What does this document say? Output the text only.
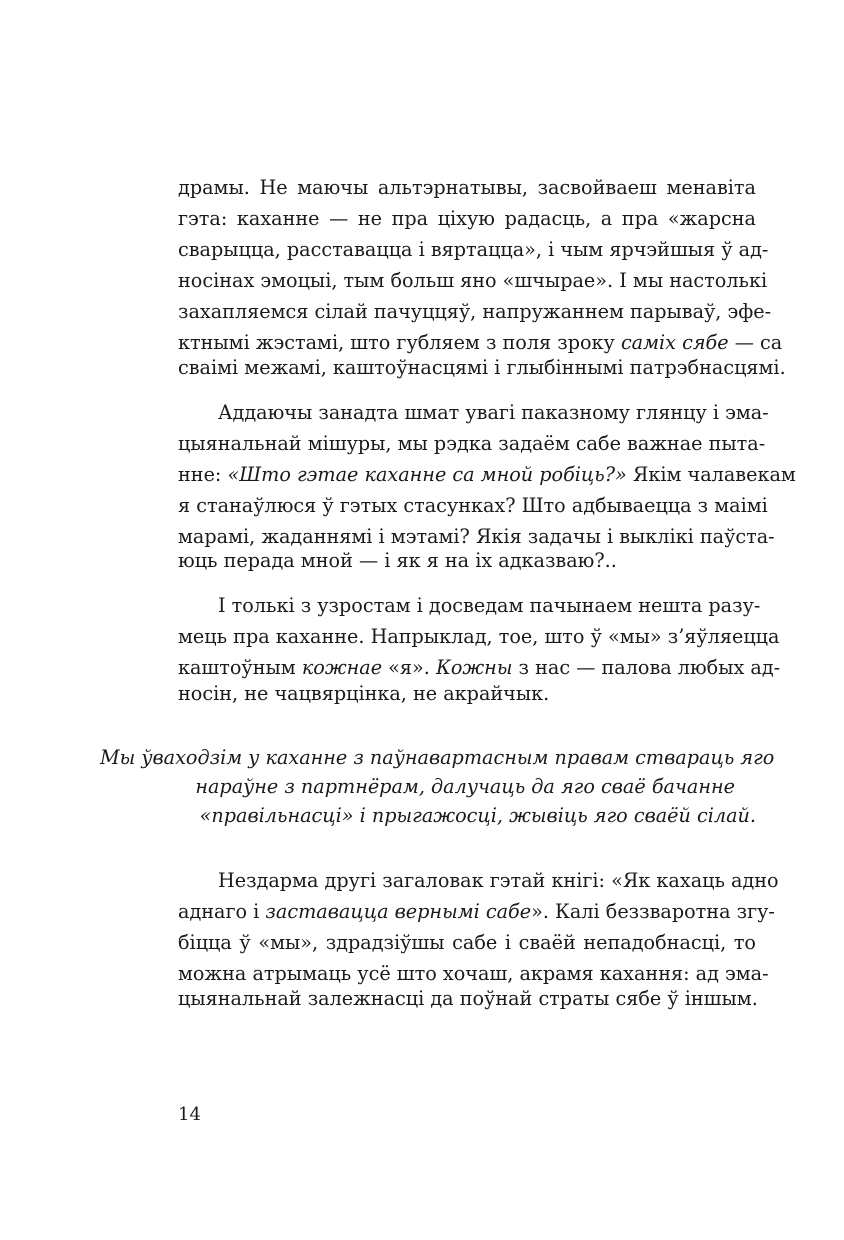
драмы. Не маючы альтэрнатывы, засвойваеш менавіта
гэта: каханне — не пра ціхую радасць, а пра «жарсна
сварыцца, расставацца і вяртацца», і чым ярчэйшыя ў ад-
носінах эмоцыі, тым больш яно «шчырае». І мы настолькі
захапляемся сілай пачуццяў, напружаннем парываў, эфе-
ктнымі жэстамі, што губляем з поля зроку саміх сябе — са
сваімі межамі, каштоўнасцямі і глыбіннымі патрэбнасцямі.
Аддаючы занадта шмат увагі паказному глянцу і эма-
цыянальнай мішуры, мы рэдка задаём сабе важнае пыта-
нне: «Што гэтае каханне са мной робіць?» Якім чалавекам
я станаўлюся ў гэтых стасунках? Што адбываецца з маімі
марамі, жаданнямі і мэтамі? Якія задачы і выклікі паўста-
юць перада мной — і як я на іх адказваю?..
І толькі з узростам і досведам пачынаем нешта разу-
мець пра каханне. Напрыклад, тое, што ў «мы» з’яўляецца
каштоўным кожнае «я». Кожны з нас — палова любых ад-
носін, не чацвярцінка, не акрайчык.
Мы ўваходзім у каханне з паўнавартасным правам ствараць яго
нараўне з партнёрам, далучаць да яго сваё бачанне
«правільнасці» і прыгажосці, жывіць яго сваёй сілай.
Нездарма другі загаловак гэтай кнігі: «Як кахаць адно
аднаго і заставацца вернымі сабе». Калі беззваротна згу-
біцца ў «мы», здрадзіўшы сабе і сваёй непадобнасці, то
можна атрымаць усё што хочаш, акрамя кахання: ад эма-
цыянальнай залежнасці да поўнай страты сябе ў іншым.
14
